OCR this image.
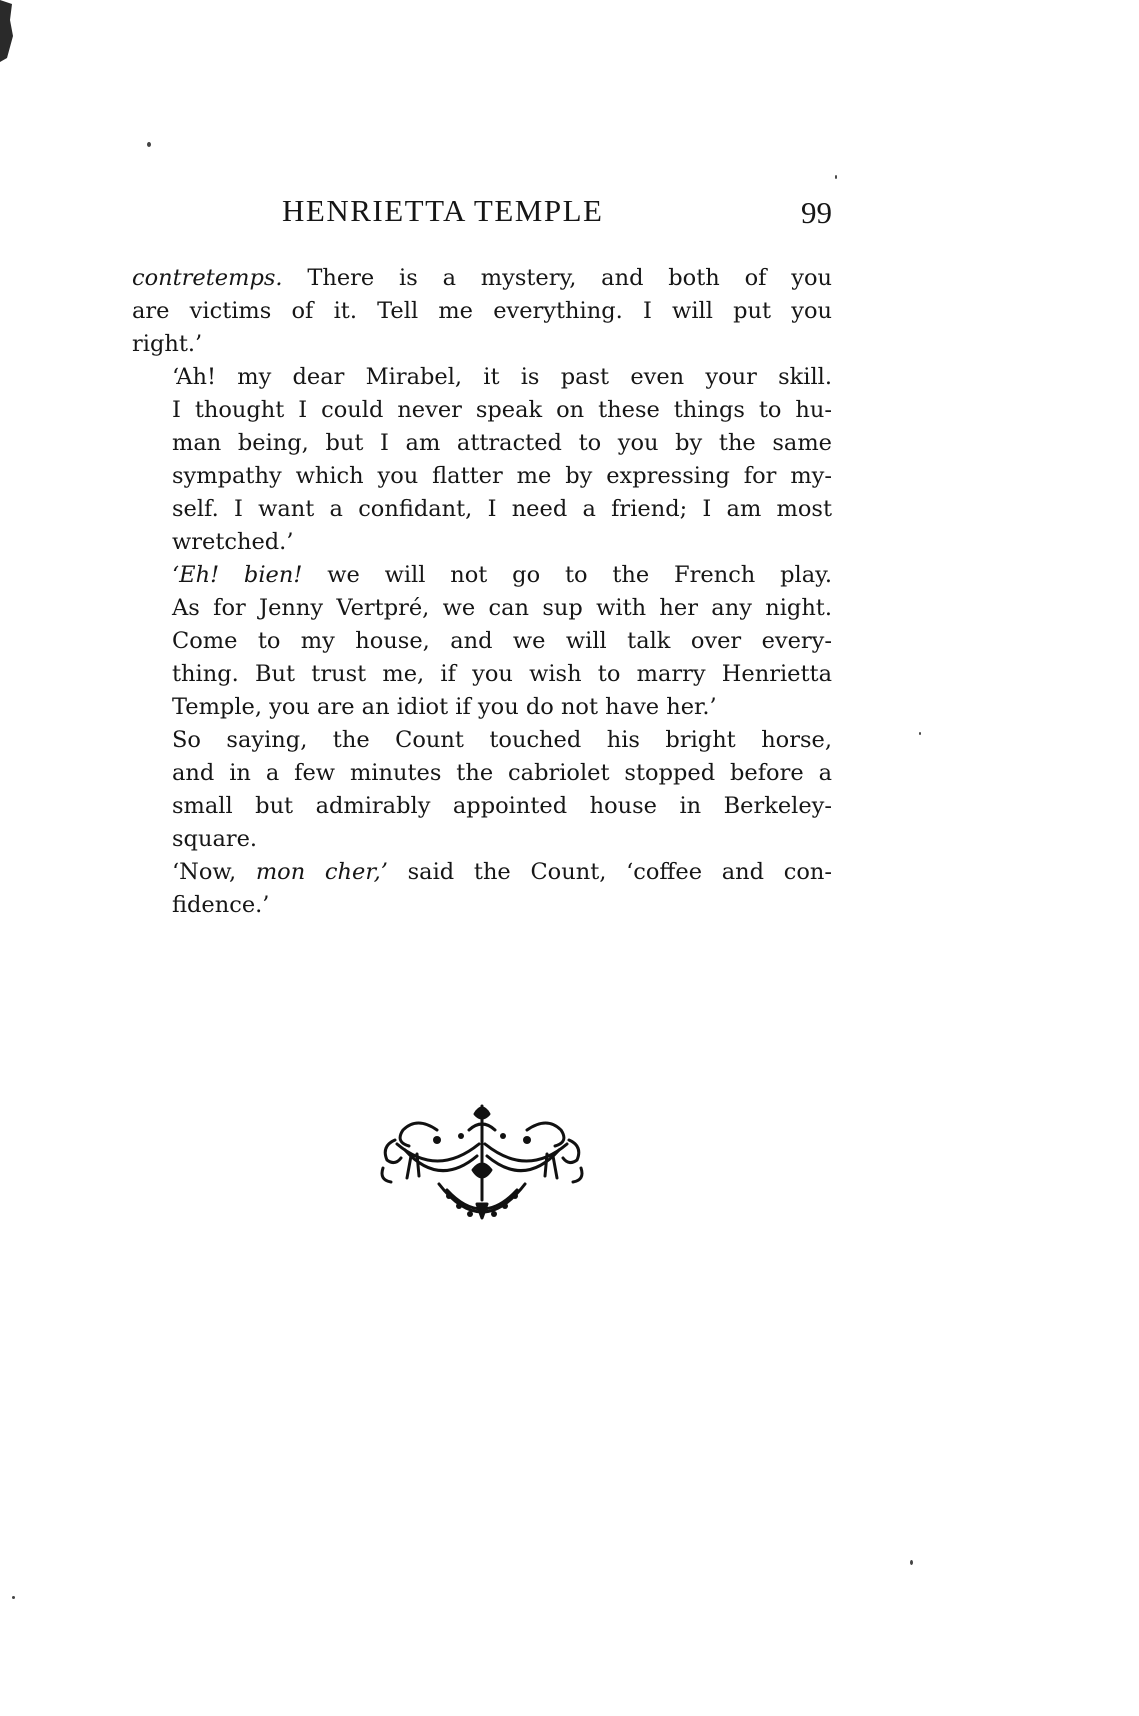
HENRIETTA TEMPLE	99

contretemps. There is a mystery, and both of you
are victims of it. Tell me everything. I will put you
right.’

‘Ah! my dear Mirabel, it is past even your skill.
I thought I could never speak on these things to hu-
man being, but I am attracted to you by the same
sympathy which you flatter me by expressing for my-
self. I want a confidant, I need a friend; I am most
wretched.’

‘Eh! bien! we will not go to the French play.
As for Jenny Vertpré, we can sup with her any night.
Come to my house, and we will talk over every-
thing. But trust me, if you wish to marry Henrietta
Temple, you are an idiot if you do not have her.’

So saying, the Count touched his bright horse,
and in a few minutes the cabriolet stopped before a
small but admirably appointed house in Berkeley-
square.

‘Now, mon cher,’ said the Count, ‘coffee and con-
fidence.’
